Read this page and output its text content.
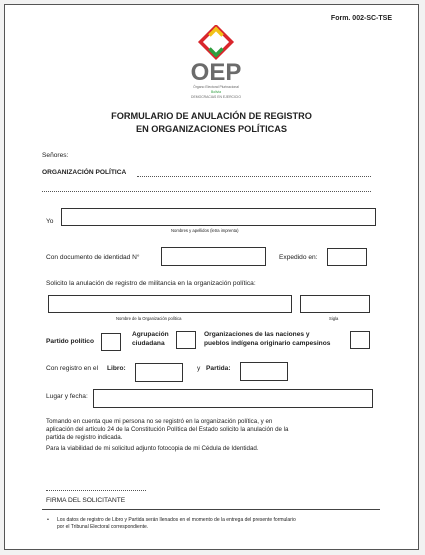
Form. 002-SC-TSE
OEP
Órgano Electoral Plurinacional
Bolivia
DEMOCRACIAS EN EJERCICIO
FORMULARIO DE ANULACIÓN DE REGISTRO
EN ORGANIZACIONES POLÍTICAS
Señores:
ORGANIZACIÓN POLÍTICA
Yo
Nombres y apellidos (letra imprenta)
Con documento de identidad N°	Expedido en:
Solicito la anulación de registro de militancia en la organización política:
Nombre de la Organización política	Sigla
Partido político
Agrupación
ciudadana
Organizaciones de las naciones y
pueblos indígena originario campesinos
Con registro en el Libro:	y Partida:
Lugar y fecha:
Tomando en cuenta que mi persona no se registró en la organización política, y en
aplicación del artículo 24 de la Constitución Política del Estado solicito la anulación de la
partida de registro indicada.
Para la viabilidad de mi solicitud adjunto fotocopia de mi Cédula de Identidad.
FIRMA DEL SOLICITANTE
• Los datos de registro de Libro y Partida serán llenados en el momento de la entrega del presente formulario
por el Tribunal Electoral correspondiente.
